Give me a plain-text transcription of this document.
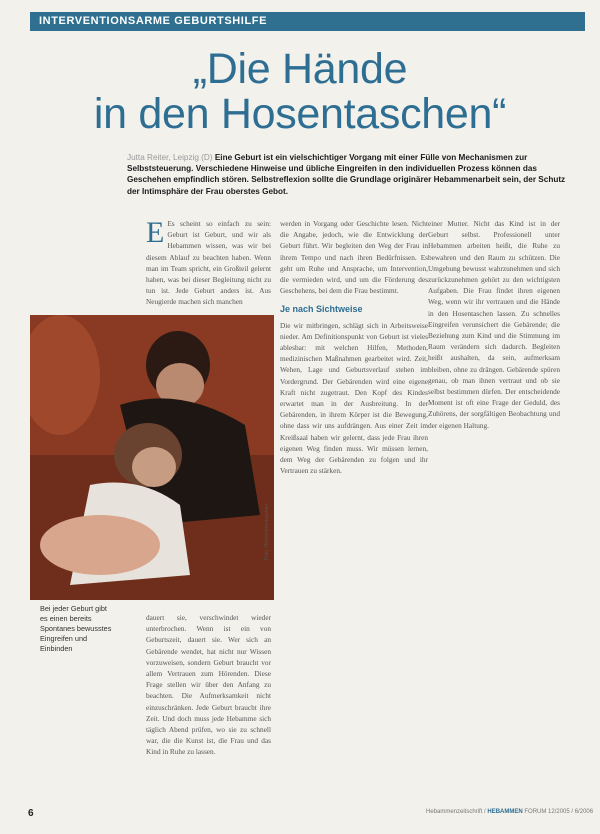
INTERVENTIONSARME GEBURTSHILFE
„Die Hände
in den Hosentaschen“
Jutta Reiter, Leipzig (D) Eine Geburt ist ein vielschichtiger Vorgang mit einer Fülle von Mechanismen zur Selbststeuerung. Verschiedene Hinweise und übliche Eingreifen in den individuellen Prozess können das Geschehen empfindlich stören. Selbstreflexion sollte die Grundlage originärer Hebammenarbeit sein, der Schutz der Intimsphäre der Frau oberstes Gebot.

E Es scheint so einfach zu sein: Geburt ist Geburt, und wir als Hebammen wissen, was wir bei diesem Ablauf zu beachten haben. Wenn man im Team spricht, ein Großteil gelernt haben, was bei dieser Begleitung nicht zu tun ist. Jede Geburt anders ist. Aus Neugierde machen sich manchen

Foto: Hebammentaschen
Bei jeder Geburt gibt es einen bereits Spontanes bewusstes Eingreifen und Einbinden

dauert sie, verschwindet wieder unterbrochen. Wenn ist ein von Geburtszeit, dauert sie. Wer sich an Gebärende wendet, hat nicht nur Wissen vorzuweisen, sondern Geburt braucht vor allem Vertrauen zum Hörenden. Diese Frage stellen wir über den Anfang zu beachten. Die Aufmerksamkeit nicht einzuschränken. Jede Geburt braucht ihre Zeit. Und doch muss jede Hebamme sich täglich Abend prüfen, wo sie zu schnell war, die die Kunst ist, die Frau und das Kind in Ruhe zu lassen.

werden in Vorgang oder Geschichte lesen. Nicht die Angabe, jedoch, wie die Entwicklung der Geburt führt. Wir begleiten den Weg der Frau in ihrem Tempo und nach ihren Bedürfnissen. Es geht um Ruhe und Ansprache, um Intervention, die vermieden wird, und um die Förderung des Geschehens, bei dem die Frau bestimmt.

Je nach Sichtweise

Die wir mitbringen, schlägt sich in Arbeitsweise nieder. Am Definitionspunkt von Geburt ist vieles ablesbar: mit welchen Hilfen, Methoden, medizinischen Maßnahmen gearbeitet wird. Zeit, Wehen, Lage und Geburtsverlauf stehen im Vordergrund. Der Gebärenden wird eine eigene Kraft nicht zugetraut. Den Kopf des Kindes erwartet man in der Ausbreitung. In der Gebärenden, in ihrem Körper ist die Bewegung, ohne dass wir uns aufdrängen. Aus einer Zeit im Kreißsaal haben wir gelernt, dass jede Frau ihren eigenen Weg finden muss. Wir müssen lernen, dem Weg der Gebärenden zu folgen und ihr Vertrauen zu stärken.

einer Mutter. Nicht das Kind ist in der Geburt selbst. Professionell unter Hebammen arbeiten heißt, die Ruhe zu bewahren und den Raum zu schützen. Die Umgebung bewusst wahrzunehmen und sich zurückzunehmen gehört zu den wichtigsten Aufgaben. Die Frau findet ihren eigenen Weg, wenn wir ihr vertrauen und die Hände in den Hosentaschen lassen. Zu schnelles Eingreifen verunsichert die Gebärende; die Beziehung zum Kind und die Stimmung im Raum verändern sich dadurch. Begleiten heißt aushalten, da sein, aufmerksam bleiben, ohne zu drängen. Gebärende spüren genau, ob man ihnen vertraut und ob sie selbst bestimmen dürfen. Der entscheidende Moment ist oft eine Frage der Geduld, des Zuhörens, der sorgfältigen Beobachtung und der eigenen Haltung.

6	Hebammenzeitschrift / HEBAMMEN FORUM 12/2005 / 6/2006
